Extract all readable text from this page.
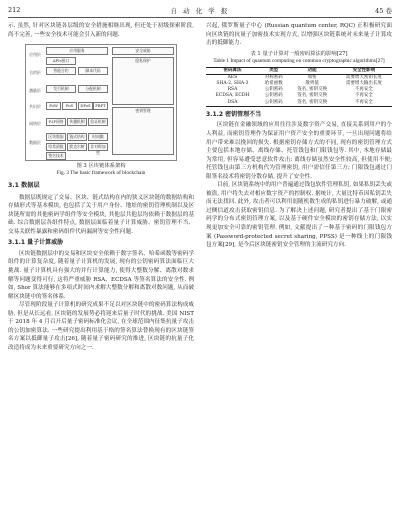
212	自 动 化 学 报	45 卷

示. 虽然, 针对区块链各层级的安全措施相继出现, 但还处于初级探索阶段, 尚不完善, 一些安全技术可能会引入新的问题.

应用层
合约层
激励层
共识层
网络层
数据层
应用服务	安全威胁
APIs接口
智能合约	脚本代码
发行机制	分配机制
PoW	PoS	DPoS	PBFT
P2P网络	传播机制	验证机制
区块数据	链式结构	时间戳
哈希函数	默克尔树	非对称加密
签名技术
隐私保护
密钥管理
图 3 区块链体系架构
Fig. 3 The basic framework of blockchain
3.1 数据层

数据层既规定了交易、区块、链式结构在内的狭义区块链的数据结构和存储形式等基本模块, 也包括了关于用户身份、地址的密钥管理机制以及区块链所需的其他密码学组件等安全模块, 其他层共他层均依赖于数据层的基础. 综合数据层各组件特点, 数据层面临着量子计算威胁、密钥管理不当、交易关联性暴露和密码组件代码漏洞等安全性问题.

3.1.1 量子计算威胁

区块链数据层中的交易和区块安全依赖于数字签名、哈希函数等密码学组件的计算复杂度, 随着量子计算机的发展, 现有的公钥密码算法面临巨大挑战. 量子计算机具有强大的并行计算能力, 使得大整数分解、离散对数求解等问题变得可行, 这将严重威胁 RSA、ECDSA 等签名算法的安全性. 例如, Shor 算法能够在多项式时间内求解大整数分解和离散对数问题, 从而破解区块链中的签名体系.

尽管现阶段量子计算机的研究成果不足以对区块链中的密码算法构成威胁, 但是从长远看, 区块链的发展势必将迎来后量子时代的挑战. 美国 NIST 于 2018 年 4 月召开后量子密码标准化会议, 在全球范围内征集抗量子攻击的公钥加密算法. 一些研究提出利用基于格的签名算法替换现有的区块链签名方案以抵御量子攻击[26], 随着量子密码研究的推进, 区块链的抗量子化改造将成为未来重要研究方向之一.

兴起, 俄罗斯量子中心 (Russian quantum center, RQC) 正积极研究面向区块链的抗量子加密技术实现方式, 以增强区块链系统对未来量子计算攻击的抵御能力.

表 1 量子计算对一般密码算法的影响[27]
Table 1 Impact of quantum computing on common cryptographic algorithms[27]
密码算法	类型	功能	安全性影响
AES	对称密码	加密	需要增大密钥长度
SHA-2, SHA-3	哈希函数	散列值	需要增大输出长度
RSA	公钥密码	签名, 密钥交换	不再安全
ECDSA, ECDH	公钥密码	签名, 密钥交换	不再安全
DSA	公钥密码	签名, 密钥交换	不再安全
3.1.2 密钥管理不当

区块链在金融领域的应用往往涉及数字资产交易, 直接关系到用户的个人利益, 而密钥管理作为保证用户资产安全的重要环节, 一旦出现问题将给用户带来难以挽回的损失. 根据密钥存储方式的不同, 现有的密钥管理方式主要包括本地存储、离线存储、托管钱包和门限钱包等. 其中, 本地存储最为常用, 但容易遭受恶意软件攻击; 离线存储虽然安全性较高, 但使用不便; 托管钱包由第三方机构代为管理密钥, 用户需信任第三方; 门限钱包通过门限签名技术将密钥分散存储, 提升了安全性.

目前, 区块链系统中的用户普遍通过钱包软件管理私钥, 如果私钥丢失或被盗, 用户将失去对相应数字资产的控制权. 据统计, 大量比特币因私钥丢失而无法找回. 此外, 攻击者可以利用弱随机数生成的私钥进行暴力破解, 或通过侧信道攻击获取密钥信息. 为了解决上述问题, 研究者提出了基于门限密码学的分布式密钥管理方案, 以及基于硬件安全模块的密钥存储方法, 以实现更加安全可靠的密钥管理. 例如, 文献提出了一种基于密码的门限钱包方案 (Password-protected secret sharing, PPSS) 是一种线上的门限钱包方案[29], 是今后区块链密钥安全管理的主流研究方向.
